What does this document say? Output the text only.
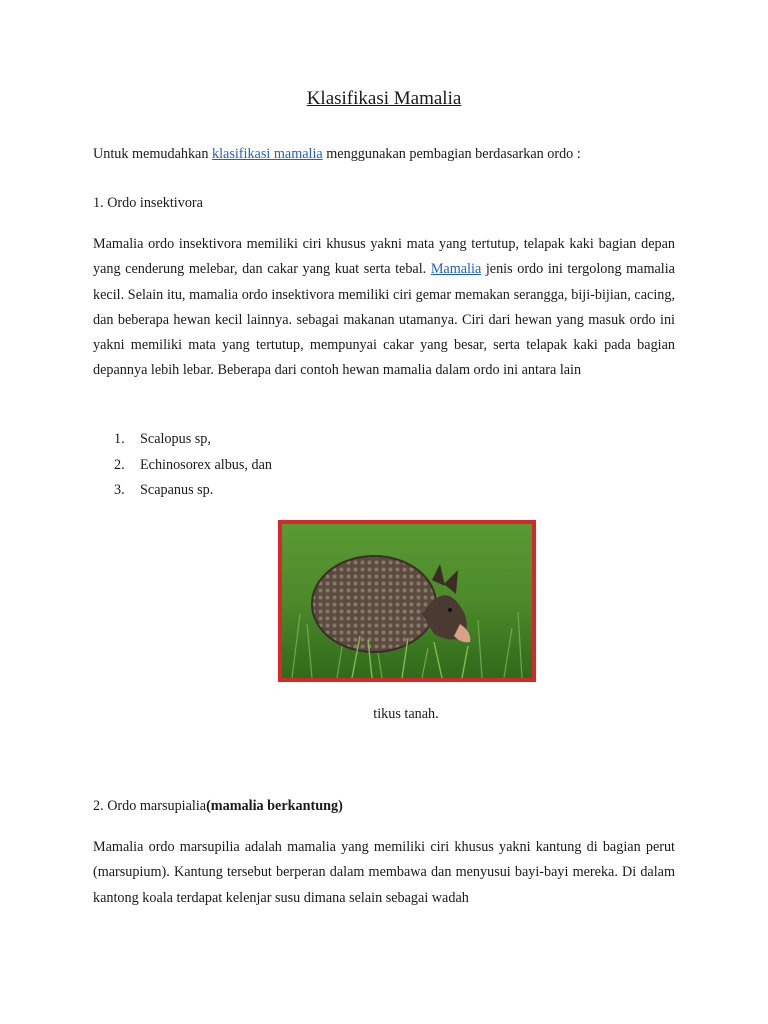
Klasifikasi Mamalia

Untuk memudahkan klasifikasi mamalia menggunakan pembagian berdasarkan ordo :

1. Ordo insektivora

Mamalia ordo insektivora memiliki ciri khusus yakni mata yang tertutup, telapak kaki bagian depan yang cenderung melebar, dan cakar yang kuat serta tebal. Mamalia jenis ordo ini tergolong mamalia kecil. Selain itu, mamalia ordo insektivora memiliki ciri gemar memakan serangga, biji-bijian, cacing, dan beberapa hewan kecil lainnya. sebagai makanan utamanya. Ciri dari hewan yang masuk ordo ini yakni memiliki mata yang tertutup, mempunyai cakar yang besar, serta telapak kaki pada bagian depannya lebih lebar. Beberapa dari contoh hewan mamalia dalam ordo ini antara lain

1.	Scalopus sp,
2.	Echinosorex albus, dan
3.	Scapanus sp.
tikus tanah.

2. Ordo marsupialia(mamalia berkantung)

Mamalia ordo marsupilia adalah mamalia yang memiliki ciri khusus yakni kantung di bagian perut (marsupium). Kantung tersebut berperan dalam membawa dan menyusui bayi-bayi mereka. Di dalam kantong koala terdapat kelenjar susu dimana selain sebagai wadah
